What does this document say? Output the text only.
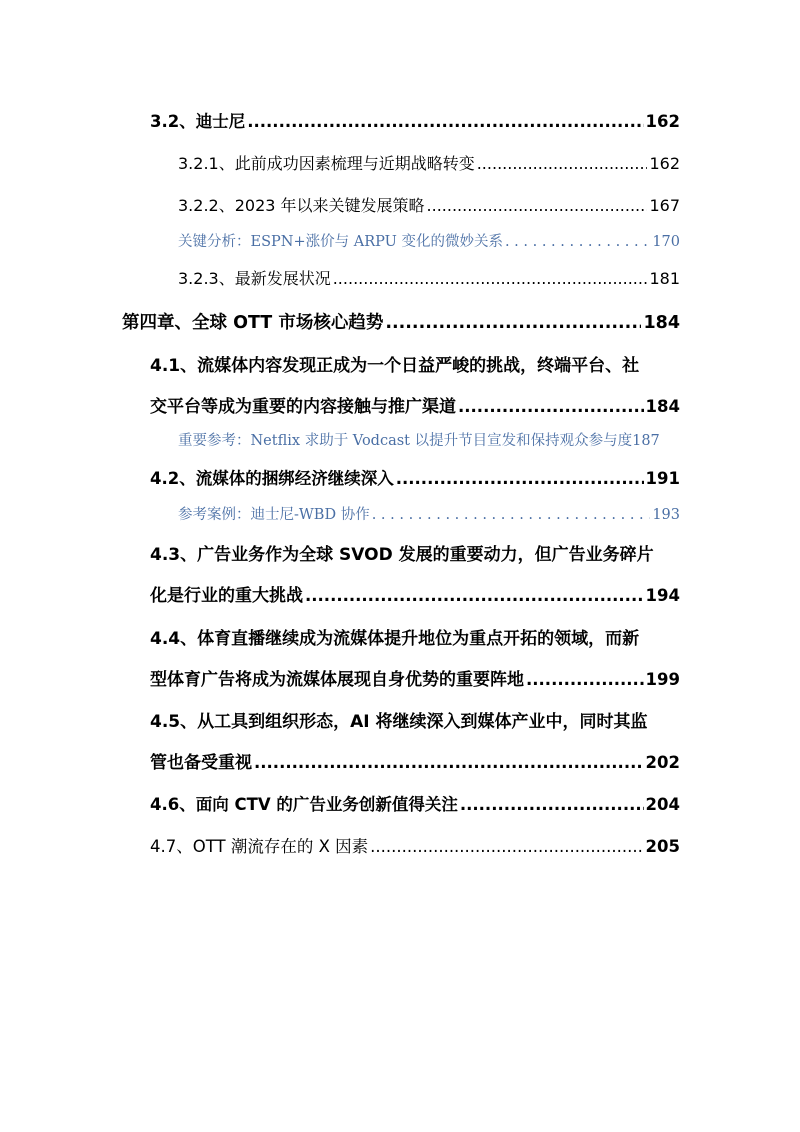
3.2、迪士尼 .....	162
3.2.1、此前成功因素梳理与近期战略转变 .....	162
3.2.2、2023 年以来关键发展策略 .....	167
关键分析：ESPN+涨价与 ARPU 变化的微妙关系 . . .	170
3.2.3、最新发展状况 .....	181
第四章、全球 OTT 市场核心趋势 .....	184
4.1、流媒体内容发现正成为一个日益严峻的挑战，终端平台、社
交平台等成为重要的内容接触与推广渠道 .....	184
重要参考：Netflix 求助于 Vodcast 以提升节目宣发和保持观众参与度 187
4.2、流媒体的捆绑经济继续深入 .....	191
参考案例：迪士尼-WBD 协作 . . .	193
4.3、广告业务作为全球 SVOD 发展的重要动力，但广告业务碎片
化是行业的重大挑战 .....	194
4.4、体育直播继续成为流媒体提升地位为重点开拓的领域，而新
型体育广告将成为流媒体展现自身优势的重要阵地 .....	199
4.5、从工具到组织形态，AI 将继续深入到媒体产业中，同时其监
管也备受重视 .....	202
4.6、面向 CTV 的广告业务创新值得关注 .....	204
4.7、OTT 潮流存在的 X 因素 .....	205
